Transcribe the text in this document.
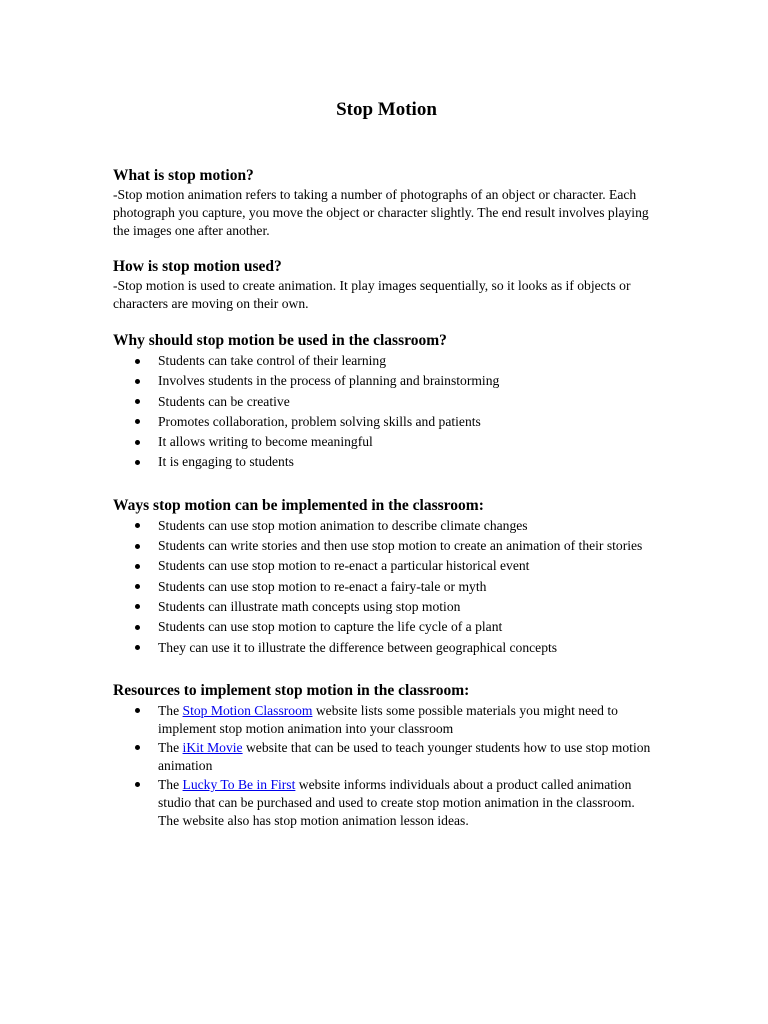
Stop Motion
What is stop motion?

-Stop motion animation refers to taking a number of photographs of an object or character. Each photograph you capture, you move the object or character slightly. The end result involves playing the images one after another.

How is stop motion used?

-Stop motion is used to create animation. It play images sequentially, so it looks as if objects or characters are moving on their own.

Why should stop motion be used in the classroom?
Students can take control of their learning
Involves students in the process of planning and brainstorming
Students can be creative
Promotes collaboration, problem solving skills and patients
It allows writing to become meaningful
It is engaging to students
Ways stop motion can be implemented in the classroom:
Students can use stop motion animation to describe climate changes
Students can write stories and then use stop motion to create an animation of their stories
Students can use stop motion to re-enact a particular historical event
Students can use stop motion to re-enact a fairy-tale or myth
Students can illustrate math concepts using stop motion
Students can use stop motion to capture the life cycle of a plant
They can use it to illustrate the difference between geographical concepts
Resources to implement stop motion in the classroom:
The Stop Motion Classroom website lists some possible materials you might need to implement stop motion animation into your classroom
The iKit Movie website that can be used to teach younger students how to use stop motion animation
The Lucky To Be in First website informs individuals about a product called animation studio that can be purchased and used to create stop motion animation in the classroom. The website also has stop motion animation lesson ideas.
